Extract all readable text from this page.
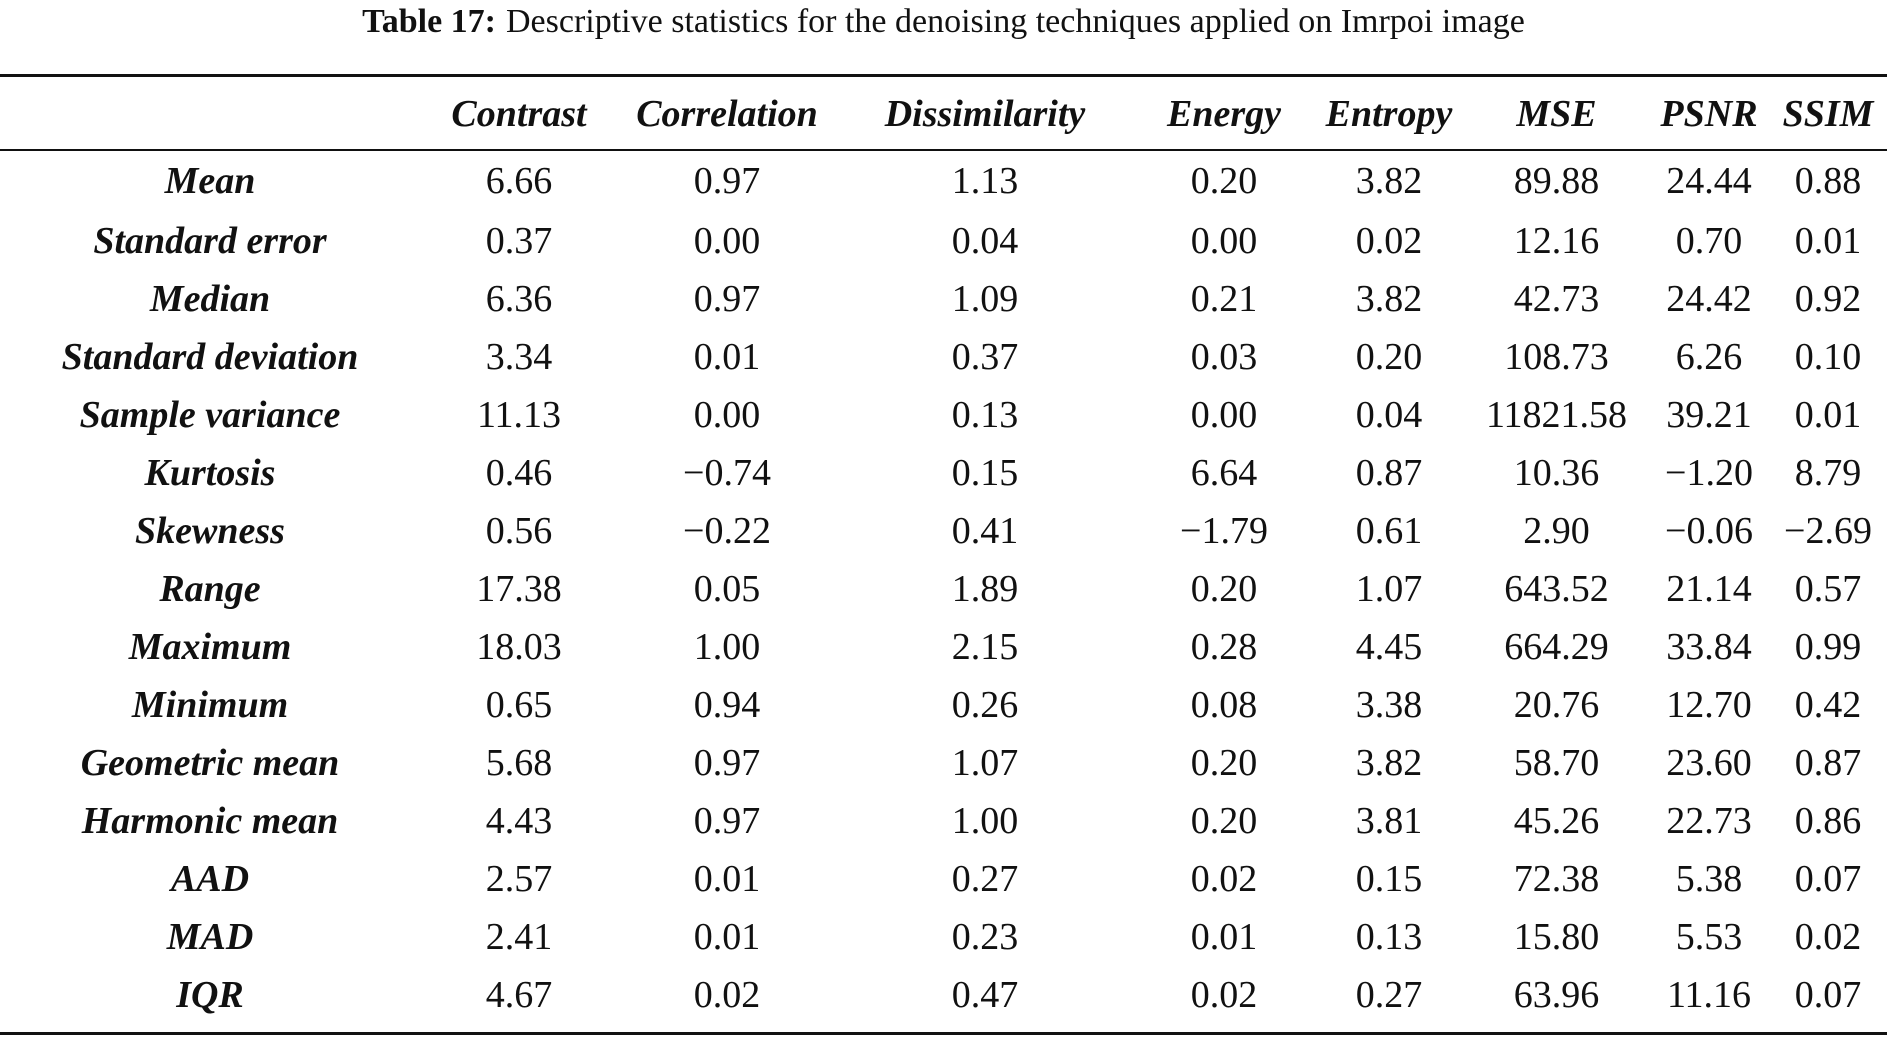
Table 17: Descriptive statistics for the denoising techniques applied on Imrpoi image
	Contrast	Correlation	Dissimilarity	Energy	Entropy	MSE	PSNR	SSIM
Mean	6.66	0.97	1.13	0.20	3.82	89.88	24.44	0.88
Standard error	0.37	0.00	0.04	0.00	0.02	12.16	0.70	0.01
Median	6.36	0.97	1.09	0.21	3.82	42.73	24.42	0.92
Standard deviation	3.34	0.01	0.37	0.03	0.20	108.73	6.26	0.10
Sample variance	11.13	0.00	0.13	0.00	0.04	11821.58	39.21	0.01
Kurtosis	0.46	−0.74	0.15	6.64	0.87	10.36	−1.20	8.79
Skewness	0.56	−0.22	0.41	−1.79	0.61	2.90	−0.06	−2.69
Range	17.38	0.05	1.89	0.20	1.07	643.52	21.14	0.57
Maximum	18.03	1.00	2.15	0.28	4.45	664.29	33.84	0.99
Minimum	0.65	0.94	0.26	0.08	3.38	20.76	12.70	0.42
Geometric mean	5.68	0.97	1.07	0.20	3.82	58.70	23.60	0.87
Harmonic mean	4.43	0.97	1.00	0.20	3.81	45.26	22.73	0.86
AAD	2.57	0.01	0.27	0.02	0.15	72.38	5.38	0.07
MAD	2.41	0.01	0.23	0.01	0.13	15.80	5.53	0.02
IQR	4.67	0.02	0.47	0.02	0.27	63.96	11.16	0.07
